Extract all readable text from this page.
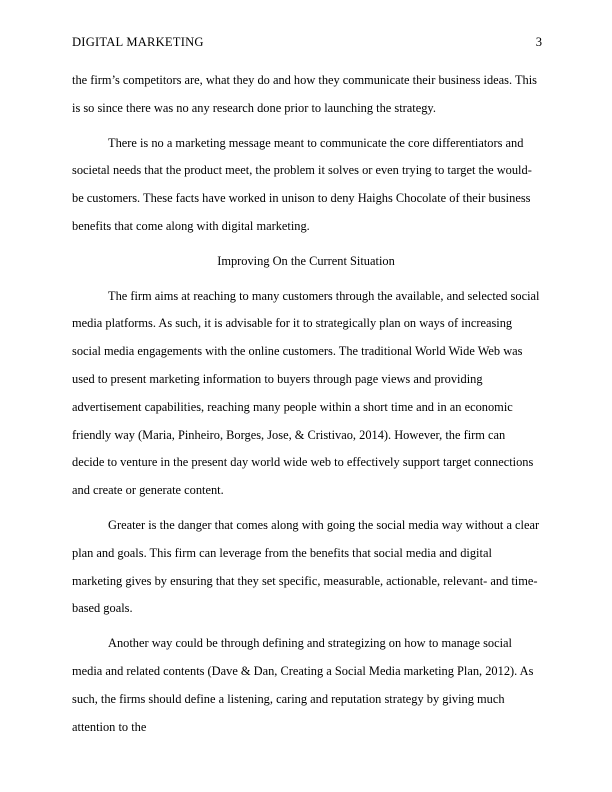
DIGITAL MARKETING	3

the firm’s competitors are, what they do and how they communicate their business ideas. This is so since there was no any research done prior to launching the strategy.

There is no a marketing message meant to communicate the core differentiators and societal needs that the product meet, the problem it solves or even trying to target the would-be customers. These facts have worked in unison to deny Haighs Chocolate of their business benefits that come along with digital marketing.

Improving On the Current Situation

The firm aims at reaching to many customers through the available, and selected social media platforms. As such, it is advisable for it to strategically plan on ways of increasing social media engagements with the online customers. The traditional World Wide Web was used to present marketing information to buyers through page views and providing advertisement capabilities, reaching many people within a short time and in an economic friendly way (Maria, Pinheiro, Borges, Jose, & Cristivao, 2014). However, the firm can decide to venture in the present day world wide web to effectively support target connections and create or generate content.

Greater is the danger that comes along with going the social media way without a clear plan and goals. This firm can leverage from the benefits that social media and digital marketing gives by ensuring that they set specific, measurable, actionable, relevant- and time-based goals.

Another way could be through defining and strategizing on how to manage social media and related contents (Dave & Dan, Creating a Social Media marketing Plan, 2012). As such, the firms should define a listening, caring and reputation strategy by giving much attention to the
